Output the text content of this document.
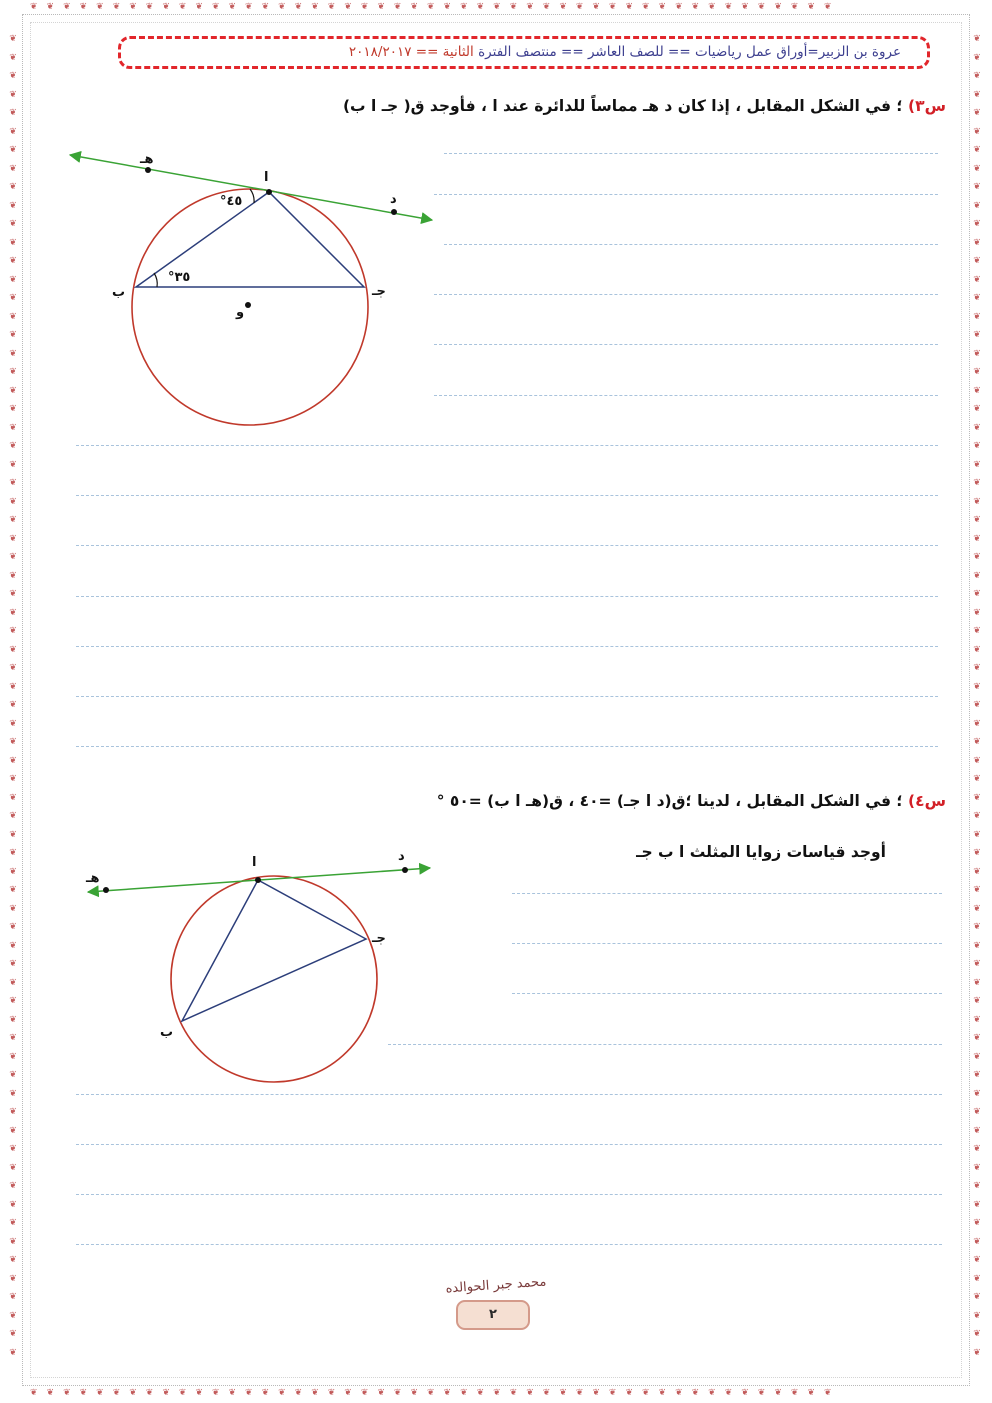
❦
❦
❦
❦
❦
❦
❦
❦
❦
❦
❦
❦
❦
❦
❦
❦
❦
❦
❦
❦
❦
❦
❦
❦
❦
❦
❦
❦
❦
❦
❦
❦
❦
❦
❦
❦
❦
❦
❦
❦
❦
❦
❦
❦
❦
❦
❦
❦
❦
❦
❦
❦
❦
❦
❦
❦
❦
❦
❦
❦
❦
❦
❦
❦
❦
❦
❦
❦
❦
❦
❦
❦
❦
❦
❦
❦
❦
❦
❦
❦
❦
❦
❦
❦
❦
❦
❦
❦
❦
❦
❦
❦
❦
❦
❦
❦
❦
❦
❦
❦
❦
❦
❦
❦
❦
❦
❦
❦
❦
❦
❦
❦
❦
❦
❦
❦
❦
❦
❦
❦
❦
❦
❦
❦
❦
❦
❦
❦
❦
❦
❦
❦
❦
❦
❦
❦
❦
❦
❦
❦
❦
❦
❦
❦
❦❦❦❦❦❦❦❦❦❦❦❦❦❦❦❦❦❦❦❦❦❦❦❦❦❦❦❦❦❦❦❦❦❦❦❦❦❦❦❦❦❦❦❦❦❦❦❦❦
❦❦❦❦❦❦❦❦❦❦❦❦❦❦❦❦❦❦❦❦❦❦❦❦❦❦❦❦❦❦❦❦❦❦❦❦❦❦❦❦❦❦❦❦❦❦❦❦❦
عروة بن الزبير=أوراق عمل رياضيات == للصف العاشر == منتصف الفترة الثانية == ٢٠١٨/٢٠١٧
س٣) ؛ في الشكل المقابل ، إذا كان د هـ مماساً للدائرة عند ا ، فأوجد ق( جـ ا ب)
ا
هـ
د
ب	جـ
و
°٤٥
°٣٥
س٤) ؛ في الشكل المقابل ، لدينا ؛ق(د ا جـ) =٤٠ ، ق(هـ ا ب) =٥٠ °
أوجد قياسات زوايا المثلث ا ب جـ
ا
هـ
د
جـ
ب
محمد جبر الحوالده
٢
